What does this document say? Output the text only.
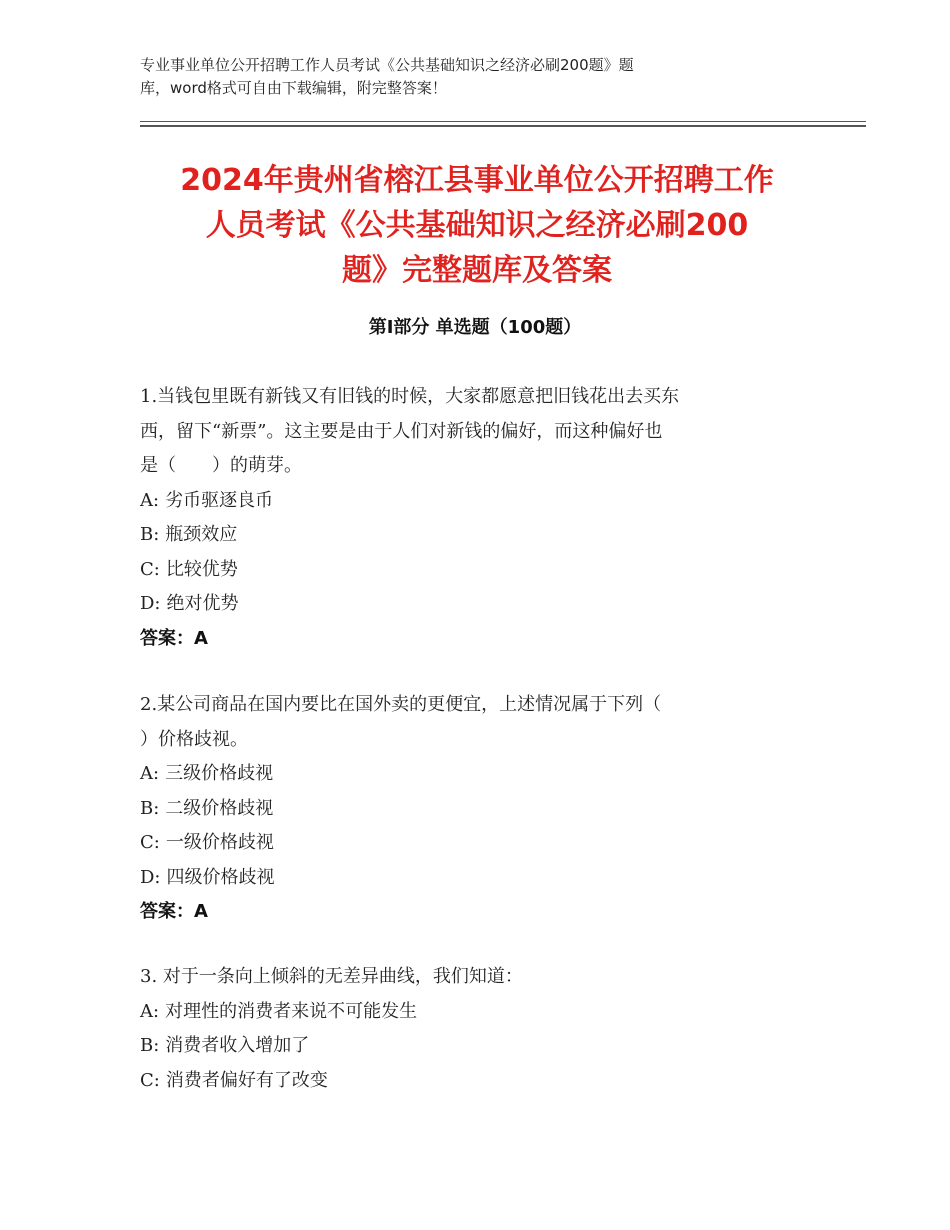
专业事业单位公开招聘工作人员考试《公共基础知识之经济必刷200题》题
库，word格式可自由下载编辑，附完整答案！
2024年贵州省榕江县事业单位公开招聘工作
人员考试《公共基础知识之经济必刷200
题》完整题库及答案
第Ⅰ部分 单选题（100题）
1.当钱包里既有新钱又有旧钱的时候，大家都愿意把旧钱花出去买东
西，留下“新票”。这主要是由于人们对新钱的偏好，而这种偏好也
是（　　）的萌芽。
A: 劣币驱逐良币
B: 瓶颈效应
C: 比较优势
D: 绝对优势
答案：A
2.某公司商品在国内要比在国外卖的更便宜，上述情况属于下列（
）价格歧视。
A: 三级价格歧视
B: 二级价格歧视
C: 一级价格歧视
D: 四级价格歧视
答案：A
3. 对于一条向上倾斜的无差异曲线，我们知道：
A: 对理性的消费者来说不可能发生
B: 消费者收入增加了
C: 消费者偏好有了改变
